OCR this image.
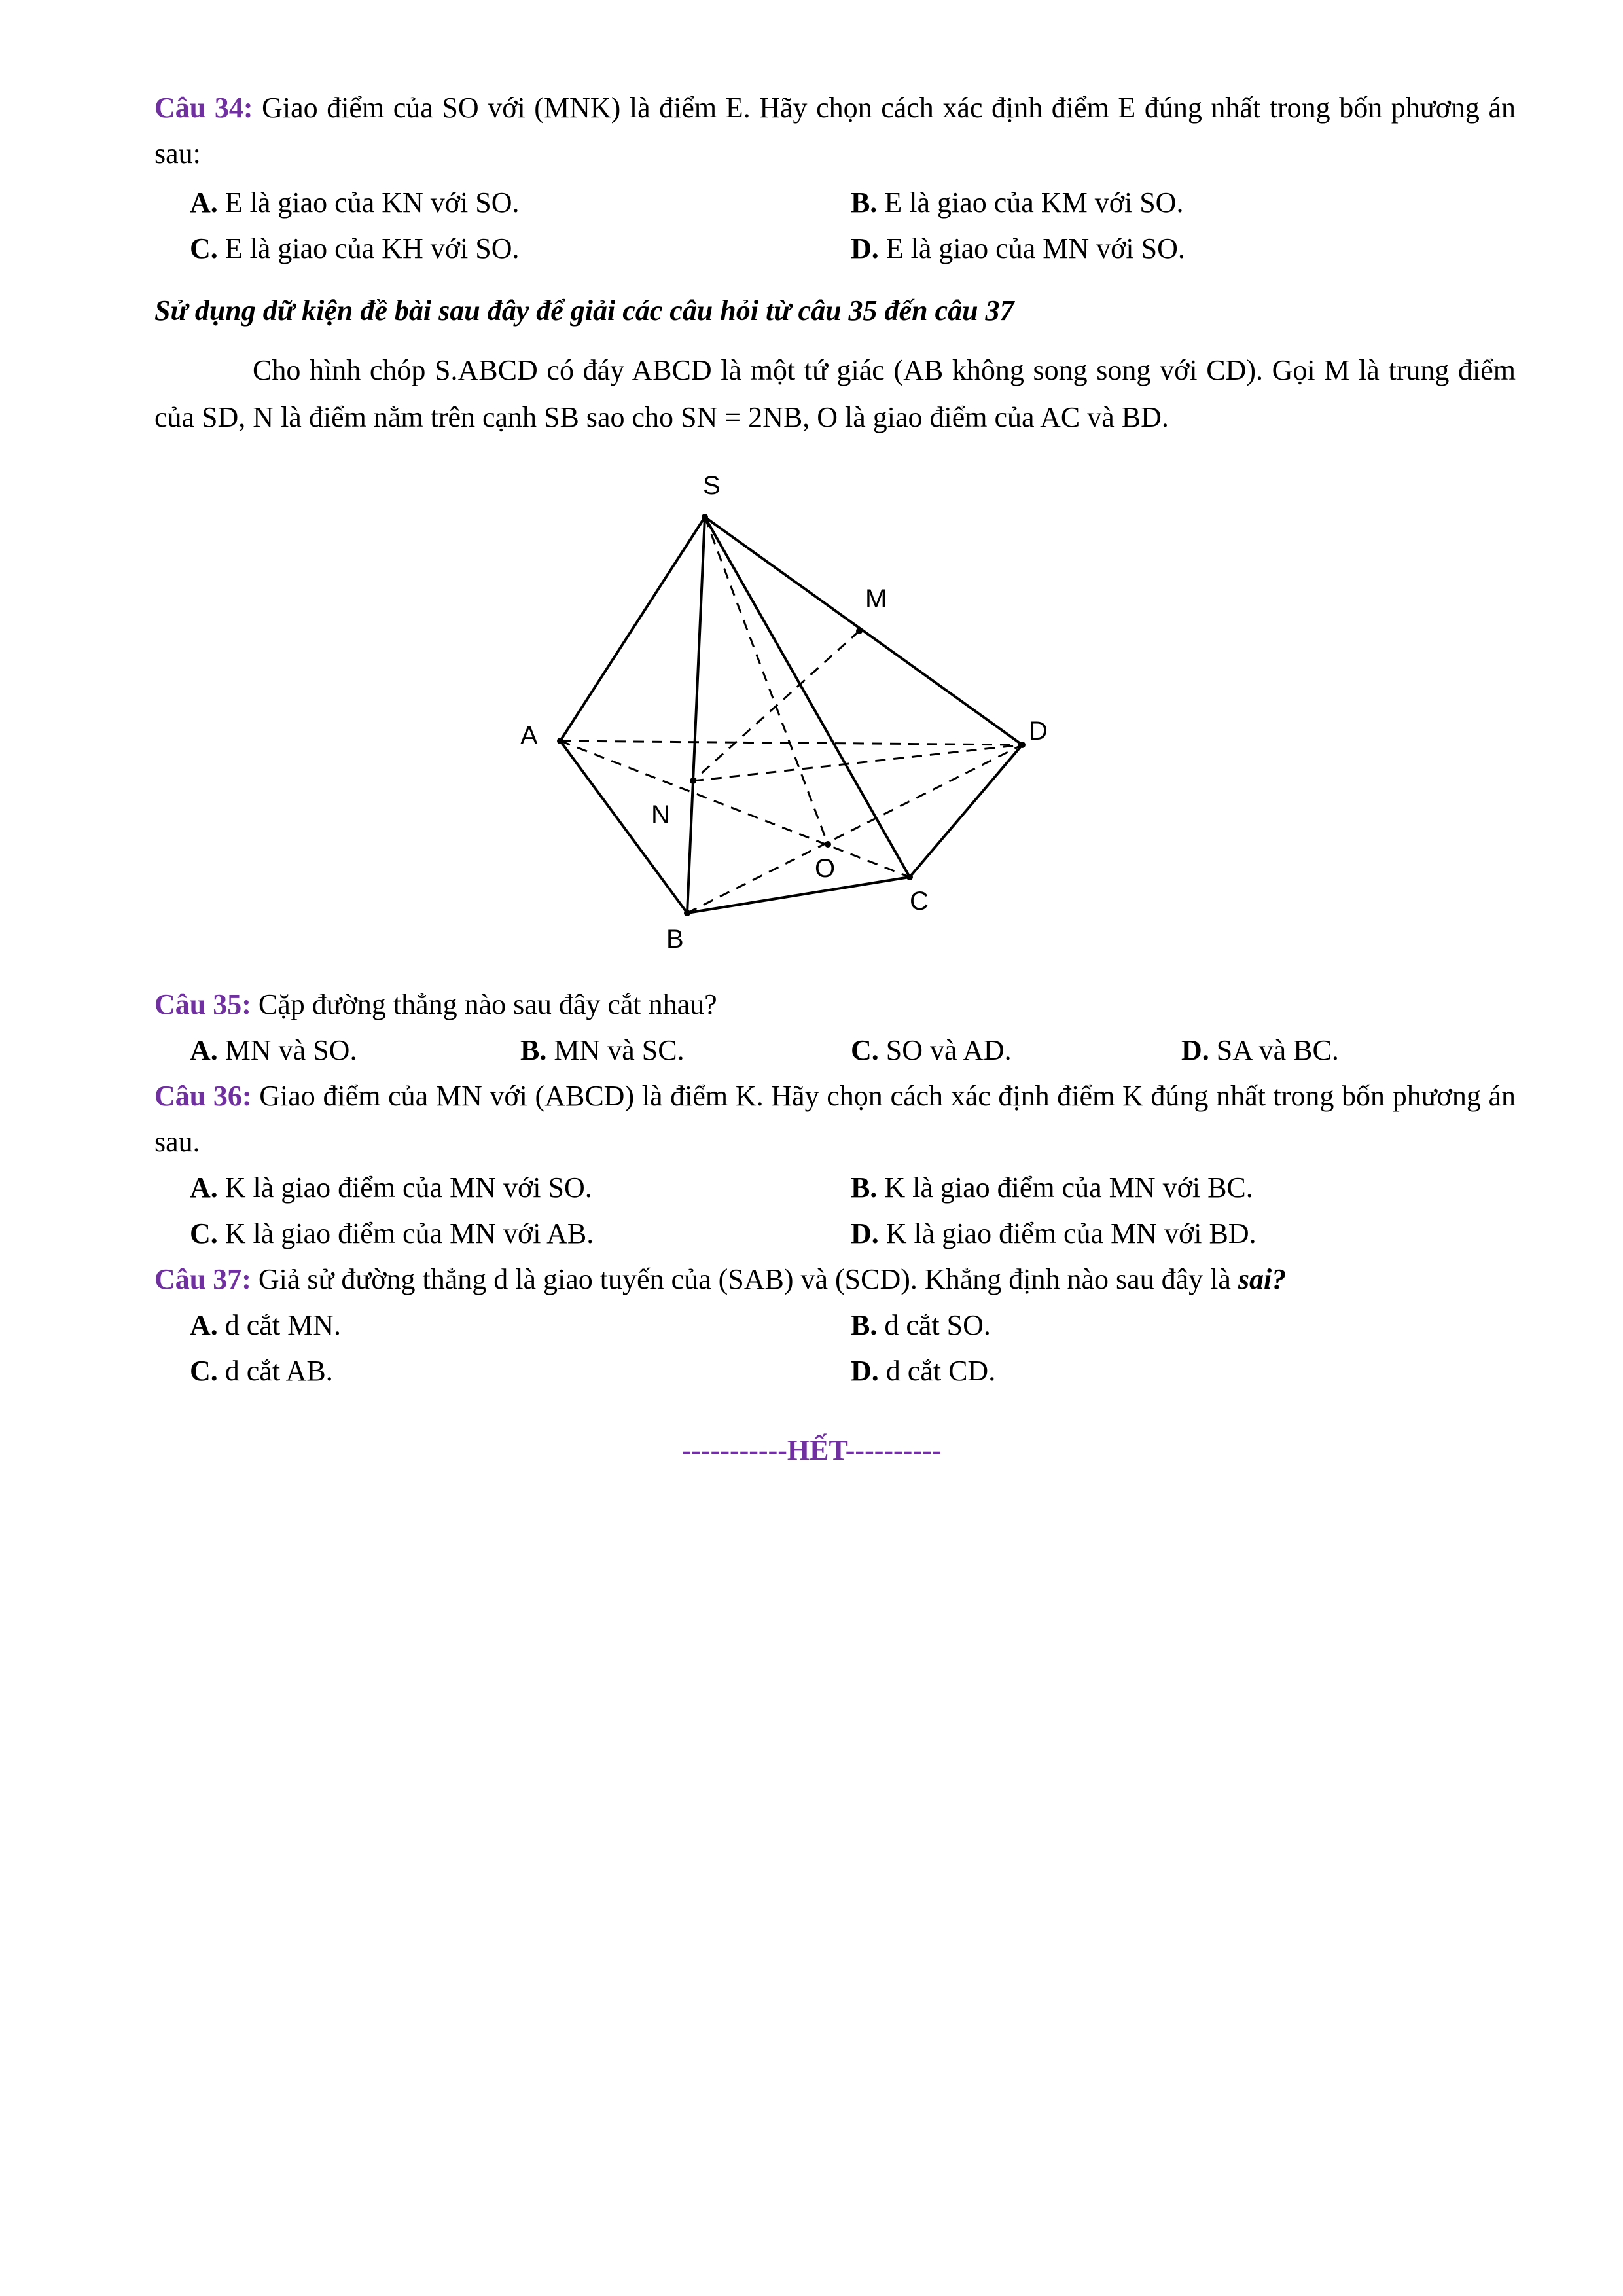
Câu 34: Giao điểm của SO với (MNK) là điểm E. Hãy chọn cách xác định điểm E đúng nhất trong bốn phương án sau:
A. E là giao của KN với SO.	B. E là giao của KM với SO.
C. E là giao của KH với SO.	D. E là giao của MN với SO.
Sử dụng dữ kiện đề bài sau đây để giải các câu hỏi từ câu 35 đến câu 37
Cho hình chóp S.ABCD có đáy ABCD là một tứ giác (AB không song song với CD). Gọi M là trung điểm của SD, N là điểm nằm trên cạnh SB sao cho SN = 2NB, O là giao điểm của AC và BD.
S
M
A	D
N
O
C
B
Câu 35: Cặp đường thẳng nào sau đây cắt nhau?
A. MN và SO.	B. MN và SC.	C. SO và AD.	D. SA và BC.
Câu 36: Giao điểm của MN với (ABCD) là điểm K. Hãy chọn cách xác định điểm K đúng nhất trong bốn phương án sau.
A. K là giao điểm của MN với SO.	B. K là giao điểm của MN với BC.
C. K là giao điểm của MN với AB.	D. K là giao điểm của MN với BD.
Câu 37: Giả sử đường thẳng d là giao tuyến của (SAB) và (SCD). Khẳng định nào sau đây là sai?
A. d cắt MN.	B. d cắt SO.
C. d cắt AB.	D. d cắt CD.
-----------HẾT----------
